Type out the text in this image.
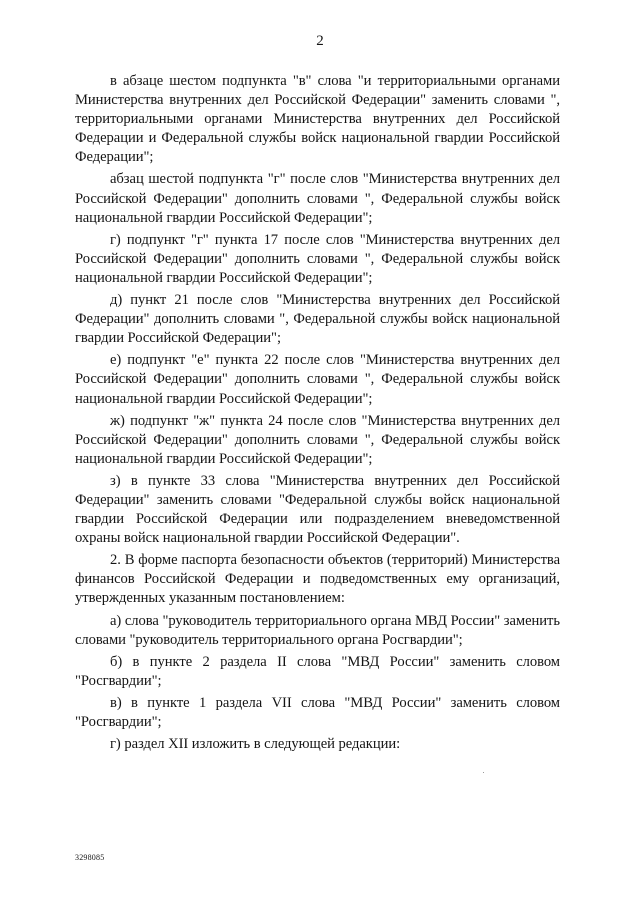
2

в абзаце шестом подпункта "в" слова "и территориальными органами Министерства внутренних дел Российской Федерации" заменить словами ", территориальными органами Министерства внутренних дел Российской Федерации и Федеральной службы войск национальной гвардии Российской Федерации";

абзац шестой подпункта "г" после слов "Министерства внутренних дел Российской Федерации" дополнить словами ", Федеральной службы войск национальной гвардии Российской Федерации";

г) подпункт "г" пункта 17 после слов "Министерства внутренних дел Российской Федерации" дополнить словами ", Федеральной службы войск национальной гвардии Российской Федерации";

д) пункт 21 после слов "Министерства внутренних дел Российской Федерации" дополнить словами ", Федеральной службы войск национальной гвардии Российской Федерации";

е) подпункт "е" пункта 22 после слов "Министерства внутренних дел Российской Федерации" дополнить словами ", Федеральной службы войск национальной гвардии Российской Федерации";

ж) подпункт "ж" пункта 24 после слов "Министерства внутренних дел Российской Федерации" дополнить словами ", Федеральной службы войск национальной гвардии Российской Федерации";

з) в пункте 33 слова "Министерства внутренних дел Российской Федерации" заменить словами "Федеральной службы войск национальной гвардии Российской Федерации или подразделением вневедомственной охраны войск национальной гвардии Российской Федерации".

2. В форме паспорта безопасности объектов (территорий) Министерства финансов Российской Федерации и подведомственных ему организаций, утвержденных указанным постановлением:

а) слова "руководитель территориального органа МВД России" заменить словами "руководитель территориального органа Росгвардии";

б) в пункте 2 раздела II слова "МВД России" заменить словом "Росгвардии";

в) в пункте 1 раздела VII слова "МВД России" заменить словом "Росгвардии";

г) раздел XII изложить в следующей редакции:

3298085
